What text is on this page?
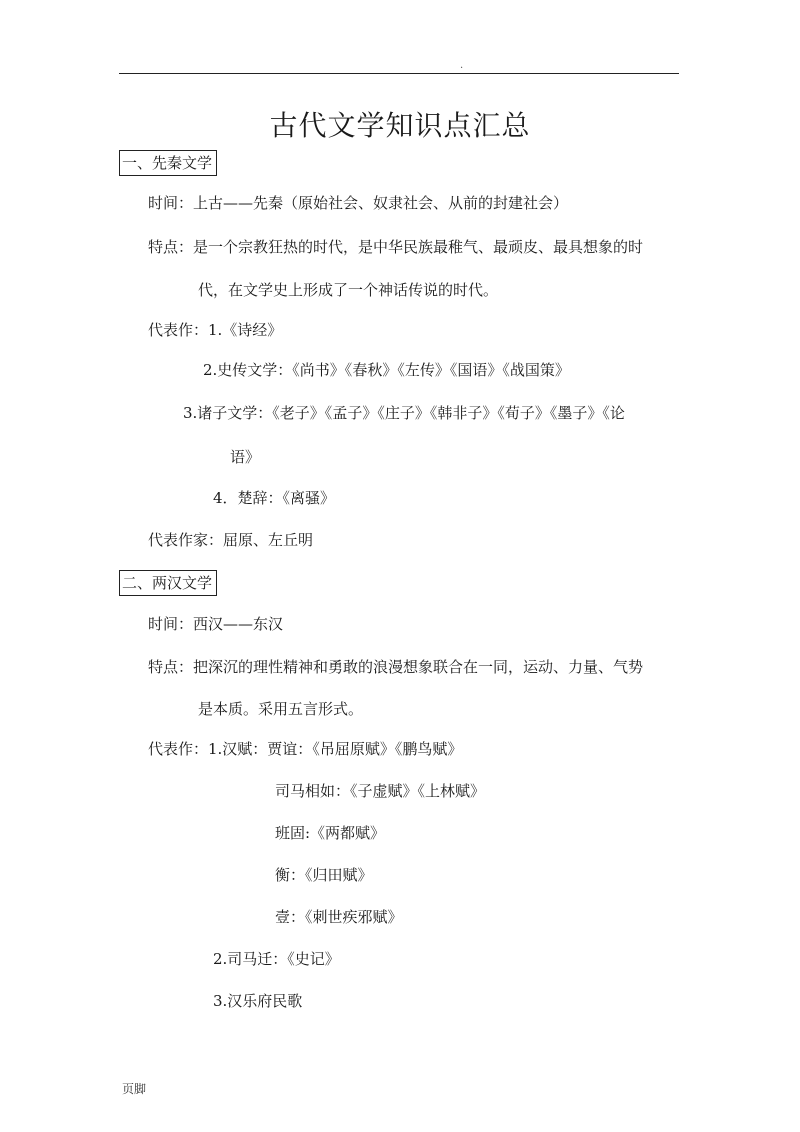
.
古代文学知识点汇总
一、先秦文学
时间：上古——先秦（原始社会、奴隶社会、从前的封建社会）
特点：是一个宗教狂热的时代，是中华民族最稚气、最顽皮、最具想象的时
代，在文学史上形成了一个神话传说的时代。
代表作：1.《诗经》
2.史传文学：《尚书》《春秋》《左传》《国语》《战国策》
3.诸子文学：《老子》《孟子》《庄子》《韩非子》《荀子》《墨子》《论
语》
4．楚辞：《离骚》
代表作家：屈原、左丘明
二、两汉文学
时间：西汉——东汉
特点：把深沉的理性精神和勇敢的浪漫想象联合在一同，运动、力量、气势
是本质。采用五言形式。
代表作：1.汉赋：贾谊：《吊屈原赋》《鹏鸟赋》
司马相如：《子虚赋》《上林赋》
班固:《两都赋》
衡：《归田赋》
壹：《刺世疾邪赋》
2.司马迁：《史记》
3.汉乐府民歌
页脚
